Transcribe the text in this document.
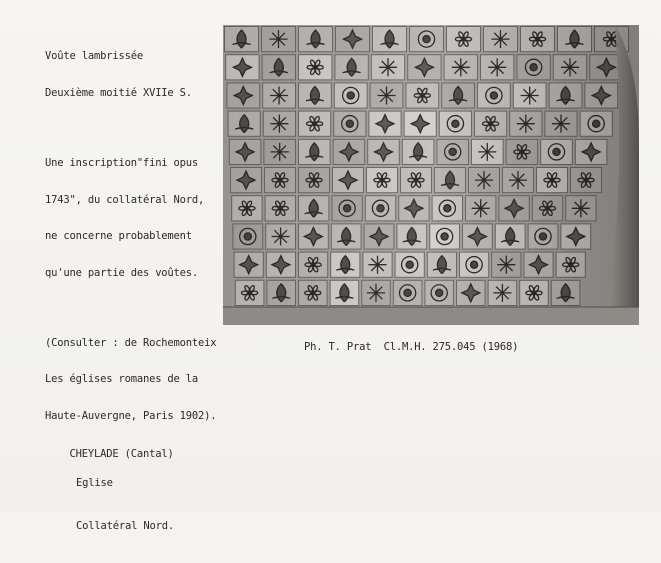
Voûte lambrissée

Deuxième moitié XVIIe S.

Une inscription"fini opus

1743", du collatéral Nord,

ne concerne probablement

qu'une partie des voûtes.

(Consulter : de Rochemonteix

Les églises romanes de la

Haute-Auvergne, Paris 1902).

Ph. T. Prat  Cl.M.H. 275.045 (1968)

CHEYLADE (Cantal)

Eglise

Collatéral Nord.
